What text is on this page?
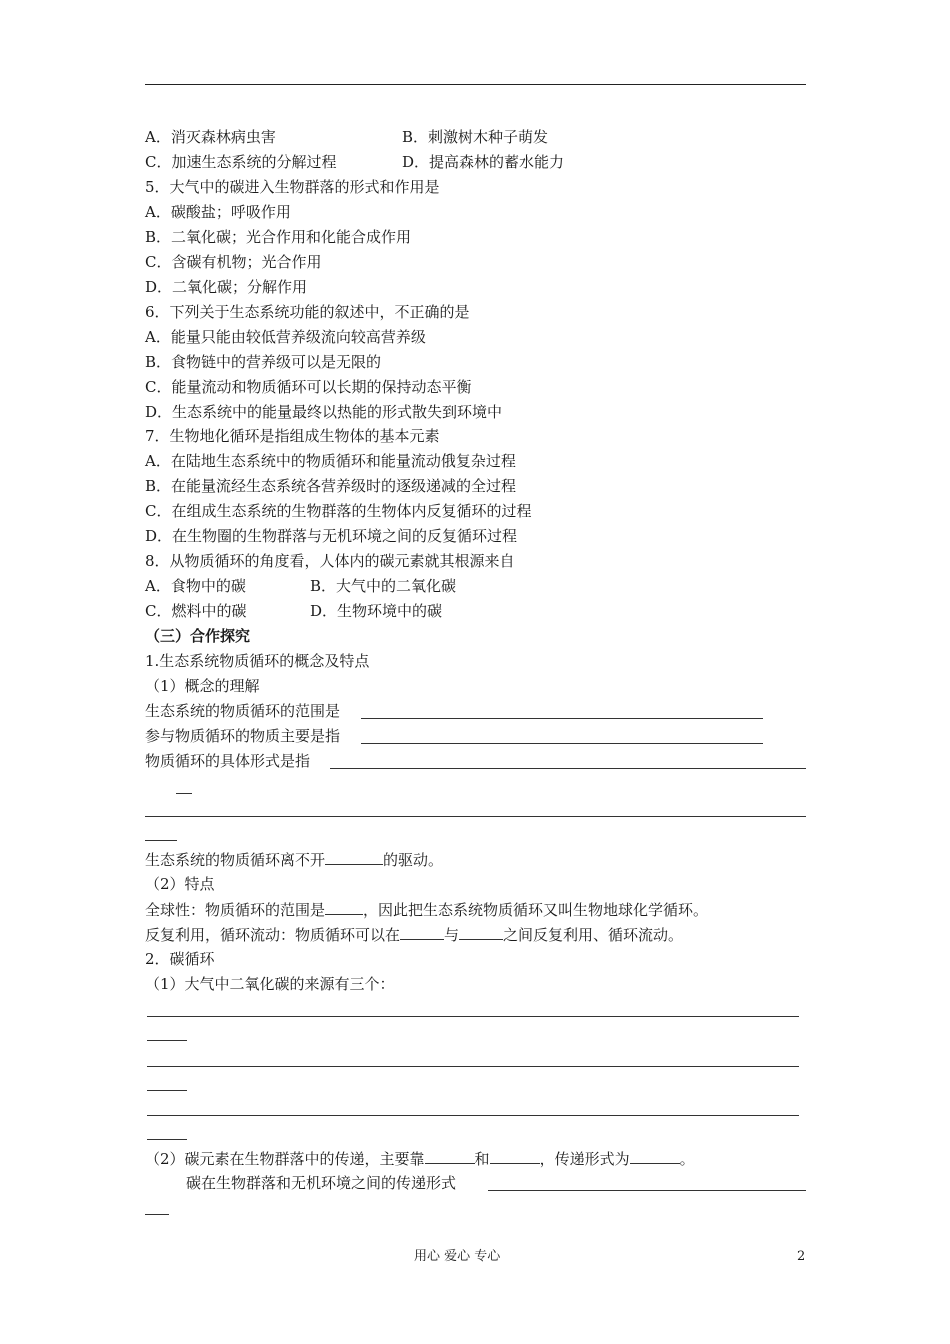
A．消灭森林病虫害	B．刺激树木种子萌发
C．加速生态系统的分解过程	D．提高森林的蓄水能力
5．大气中的碳进入生物群落的形式和作用是
A．碳酸盐；呼吸作用
B．二氧化碳；光合作用和化能合成作用
C．含碳有机物；光合作用
D．二氧化碳；分解作用
6．下列关于生态系统功能的叙述中，不正确的是
A．能量只能由较低营养级流向较高营养级
B．食物链中的营养级可以是无限的
C．能量流动和物质循环可以长期的保持动态平衡
D．生态系统中的能量最终以热能的形式散失到环境中
7．生物地化循环是指组成生物体的基本元素
A．在陆地生态系统中的物质循环和能量流动俄复杂过程
B．在能量流经生态系统各营养级时的逐级递减的全过程
C．在组成生态系统的生物群落的生物体内反复循环的过程
D．在生物圈的生物群落与无机环境之间的反复循环过程
8．从物质循环的角度看，人体内的碳元素就其根源来自
A．食物中的碳	B．大气中的二氧化碳
C．燃料中的碳	D．生物环境中的碳
（三）合作探究
1.生态系统物质循环的概念及特点
（1）概念的理解
生态系统的物质循环的范围是
参与物质循环的物质主要是指
物质循环的具体形式是指
生态系统的物质循环离不开	的驱动。
（2）特点
全球性：物质循环的范围是	，因此把生态系统物质循环又叫生物地球化学循环。
反复利用，循环流动：物质循环可以在	与	之间反复利用、循环流动。
2．碳循环
（1）大气中二氧化碳的来源有三个：
（2）碳元素在生物群落中的传递，主要靠	和	，传递形式为	。
碳在生物群落和无机环境之间的传递形式
用心 爱心 专心	2
